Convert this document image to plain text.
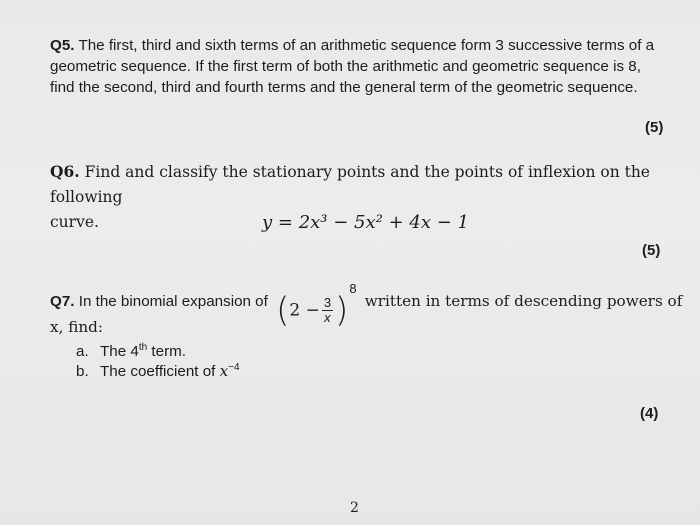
Q5. The first, third and sixth terms of an arithmetic sequence form 3 successive terms of a
geometric sequence. If the first term of both the arithmetic and geometric sequence is 8,
find the second, third and fourth terms and the general term of the geometric sequence.
(5)
Q6. Find and classify the stationary points and the points of inflexion on the following
curve.	y = 2x³ − 5x² + 4x − 1
(5)
Q7. In the binomial expansion of $(2 - \frac{3}{x} )^8$ written in terms of descending powers of
x, find:
a. The 4th term.
b. The coefficient of $x^{-4}$
(4)
2
